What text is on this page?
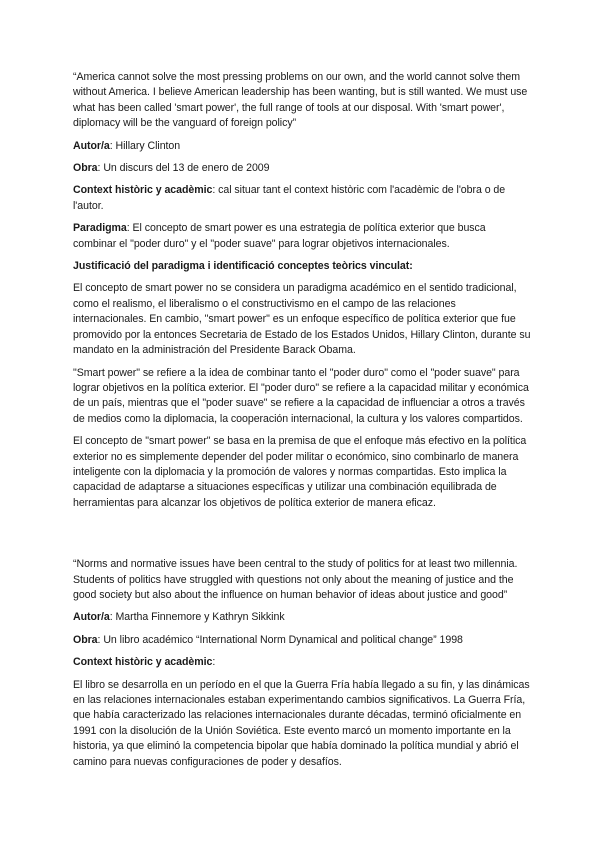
“America cannot solve the most pressing problems on our own, and the world cannot solve them without America. I believe American leadership has been wanting, but is still wanted. We must use what has been called 'smart power', the full range of tools at our disposal. With 'smart power', diplomacy will be the vanguard of foreign policy”

Autor/a: Hillary Clinton

Obra: Un discurs del 13 de enero de 2009

Context històric y acadèmic: cal situar tant el context històric com l'acadèmic de l'obra o de l'autor.

Paradigma: El concepto de smart power es una estrategia de política exterior que busca combinar el "poder duro" y el "poder suave" para lograr objetivos internacionales.

Justificació del paradigma i identificació conceptes teòrics vinculat:

El concepto de smart power no se considera un paradigma académico en el sentido tradicional, como el realismo, el liberalismo o el constructivismo en el campo de las relaciones internacionales. En cambio, "smart power" es un enfoque específico de política exterior que fue promovido por la entonces Secretaria de Estado de los Estados Unidos, Hillary Clinton, durante su mandato en la administración del Presidente Barack Obama.

"Smart power" se refiere a la idea de combinar tanto el "poder duro" como el "poder suave" para lograr objetivos en la política exterior. El "poder duro" se refiere a la capacidad militar y económica de un país, mientras que el "poder suave" se refiere a la capacidad de influenciar a otros a través de medios como la diplomacia, la cooperación internacional, la cultura y los valores compartidos.

El concepto de "smart power" se basa en la premisa de que el enfoque más efectivo en la política exterior no es simplemente depender del poder militar o económico, sino combinarlo de manera inteligente con la diplomacia y la promoción de valores y normas compartidas. Esto implica la capacidad de adaptarse a situaciones específicas y utilizar una combinación equilibrada de herramientas para alcanzar los objetivos de política exterior de manera eficaz.

“Norms and normative issues have been central to the study of politics for at least two millennia. Students of politics have struggled with questions not only about the meaning of justice and the good society but also about the influence on human behavior of ideas about justice and good”

Autor/a: Martha Finnemore y Kathryn Sikkink

Obra: Un libro académico “International Norm Dynamical and political change” 1998

Context històric y acadèmic:

El libro se desarrolla en un período en el que la Guerra Fría había llegado a su fin, y las dinámicas en las relaciones internacionales estaban experimentando cambios significativos. La Guerra Fría, que había caracterizado las relaciones internacionales durante décadas, terminó oficialmente en 1991 con la disolución de la Unión Soviética. Este evento marcó un momento importante en la historia, ya que eliminó la competencia bipolar que había dominado la política mundial y abrió el camino para nuevas configuraciones de poder y desafíos.
